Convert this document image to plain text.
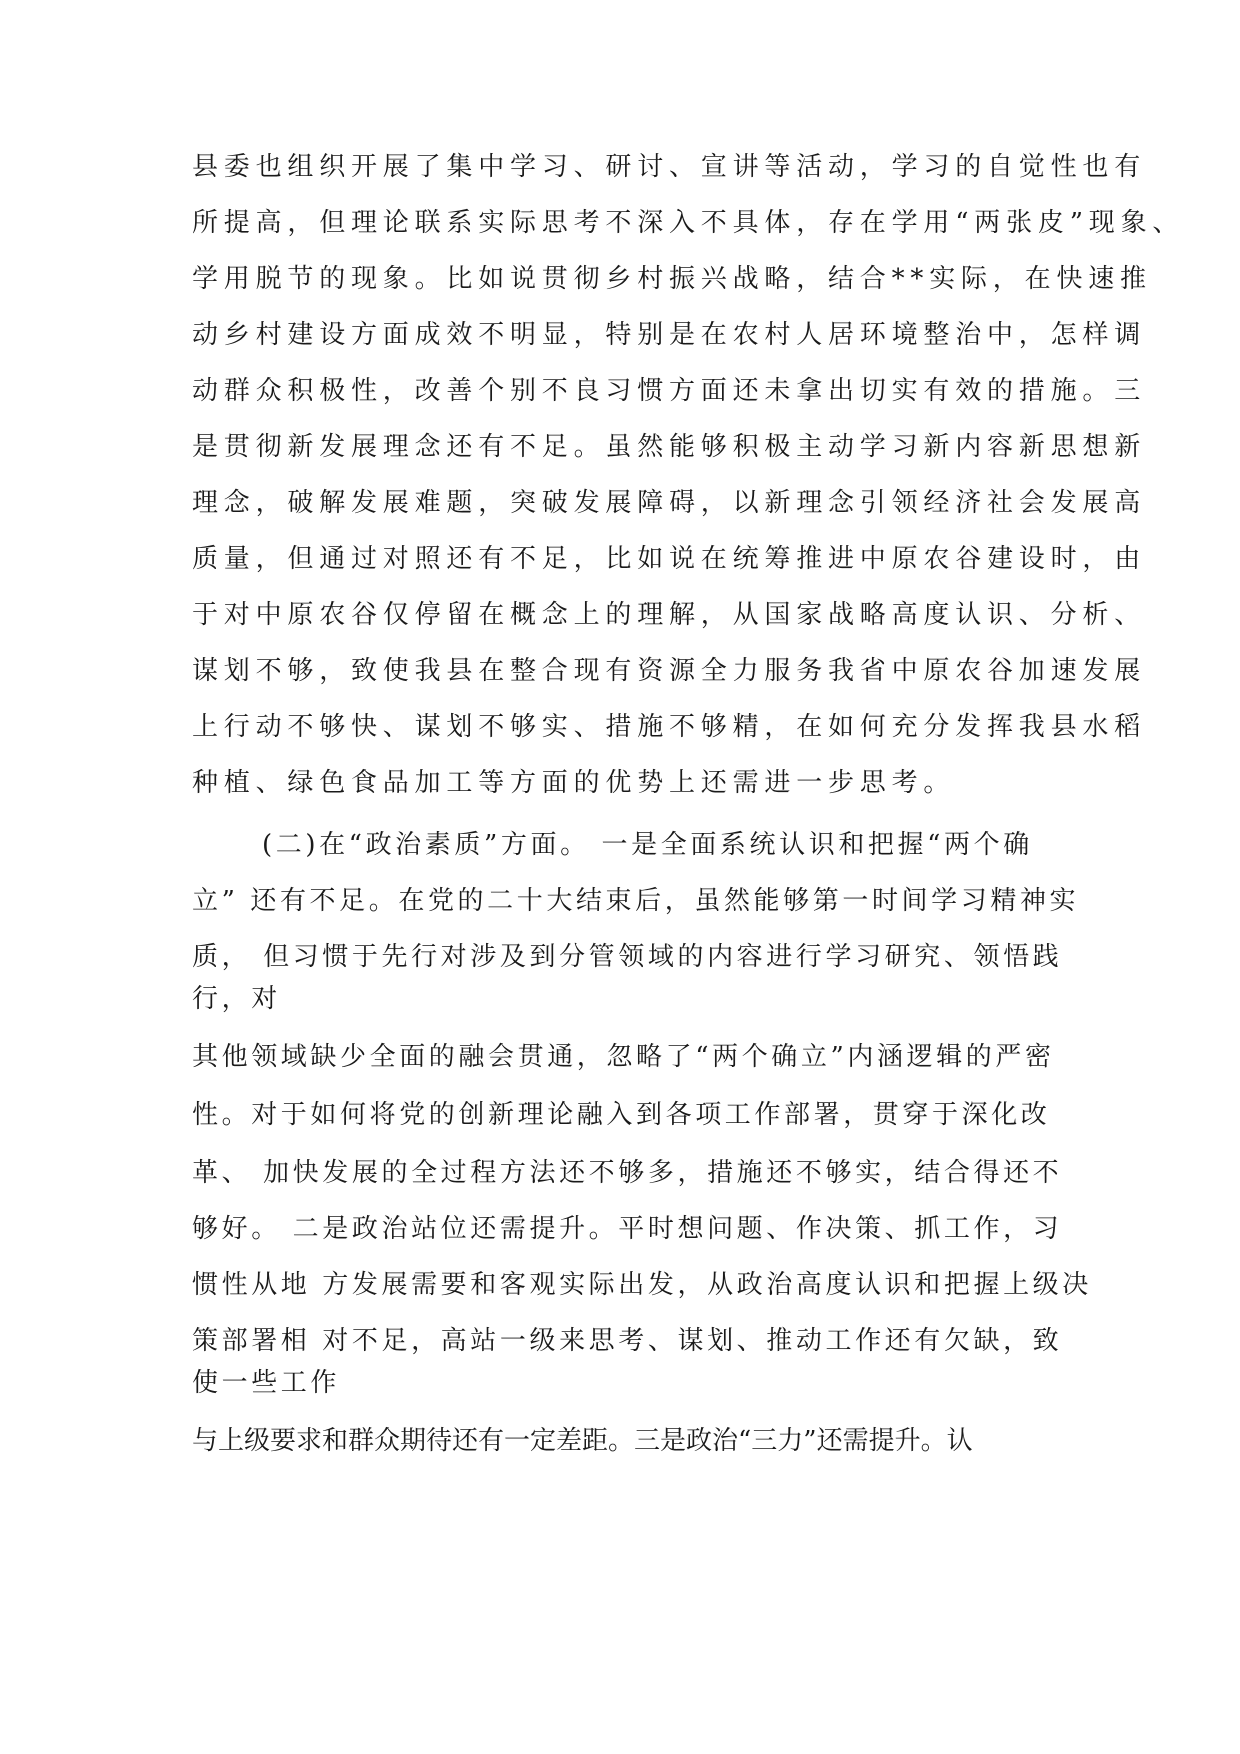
县委也组织开展了集中学习、研讨、宣讲等活动，学习的自觉性也有

所提高，但理论联系实际思考不深入不具体，存在学用“两张皮”现象、

学用脱节的现象。比如说贯彻乡村振兴战略，结合**实际，在快速推

动乡村建设方面成效不明显，特别是在农村人居环境整治中，怎样调

动群众积极性，改善个别不良习惯方面还未拿出切实有效的措施。三

是贯彻新发展理念还有不足。虽然能够积极主动学习新内容新思想新

理念，破解发展难题，突破发展障碍，以新理念引领经济社会发展高

质量，但通过对照还有不足，比如说在统筹推进中原农谷建设时，由

于对中原农谷仅停留在概念上的理解，从国家战略高度认识、分析、

谋划不够，致使我县在整合现有资源全力服务我省中原农谷加速发展

上行动不够快、谋划不够实、措施不够精，在如何充分发挥我县水稻

种植、绿色食品加工等方面的优势上还需进一步思考。

(二)在“政治素质”方面。 一是全面系统认识和把握“两个确

立” 还有不足。在党的二十大结束后，虽然能够第一时间学习精神实

质， 但习惯于先行对涉及到分管领域的内容进行学习研究、领悟践

行，对

其他领域缺少全面的融会贯通，忽略了“两个确立”内涵逻辑的严密

性。对于如何将党的创新理论融入到各项工作部署，贯穿于深化改

革、 加快发展的全过程方法还不够多，措施还不够实，结合得还不

够好。 二是政治站位还需提升。平时想问题、作决策、抓工作，习

惯性从地 方发展需要和客观实际出发，从政治高度认识和把握上级决

策部署相 对不足，高站一级来思考、谋划、推动工作还有欠缺，致

使一些工作

与上级要求和群众期待还有一定差距。三是政治“三力”还需提升。认
